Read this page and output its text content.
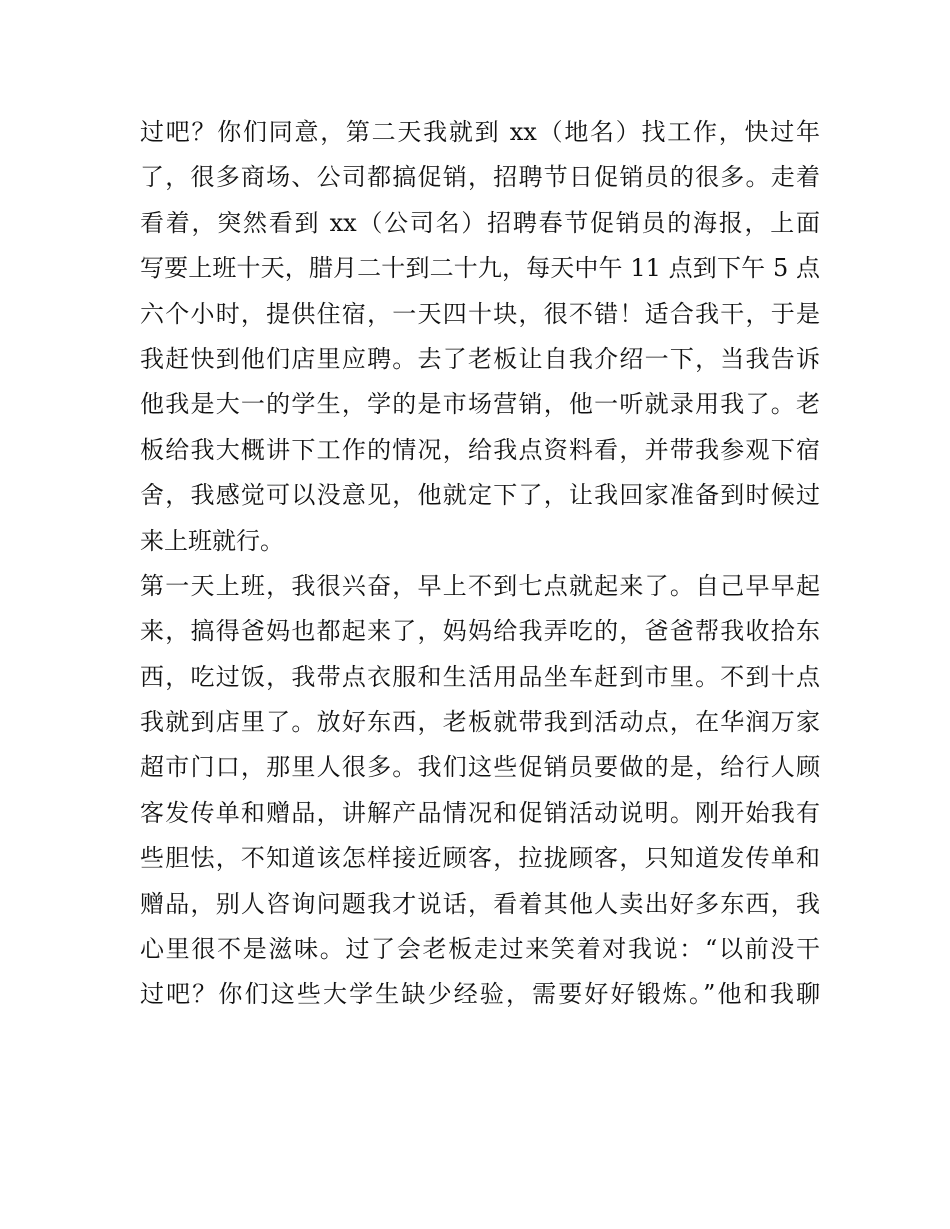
过吧？你们同意，第二天我就到 xx（地名）找工作，快过年
了，很多商场、公司都搞促销，招聘节日促销员的很多。走着
看着，突然看到 xx（公司名）招聘春节促销员的海报，上面
写要上班十天，腊月二十到二十九，每天中午 11 点到下午 5 点
六个小时，提供住宿，一天四十块，很不错！适合我干，于是
我赶快到他们店里应聘。去了老板让自我介绍一下，当我告诉
他我是大一的学生，学的是市场营销，他一听就录用我了。老
板给我大概讲下工作的情况，给我点资料看，并带我参观下宿
舍，我感觉可以没意见，他就定下了，让我回家准备到时候过
来上班就行。
第一天上班，我很兴奋，早上不到七点就起来了。自己早早起
来，搞得爸妈也都起来了，妈妈给我弄吃的，爸爸帮我收拾东
西，吃过饭，我带点衣服和生活用品坐车赶到市里。不到十点
我就到店里了。放好东西，老板就带我到活动点，在华润万家
超市门口，那里人很多。我们这些促销员要做的是，给行人顾
客发传单和赠品，讲解产品情况和促销活动说明。刚开始我有
些胆怯，不知道该怎样接近顾客，拉拢顾客，只知道发传单和
赠品，别人咨询问题我才说话，看着其他人卖出好多东西，我
心里很不是滋味。过了会老板走过来笑着对我说：“以前没干
过吧？你们这些大学生缺少经验，需要好好锻炼。”他和我聊
